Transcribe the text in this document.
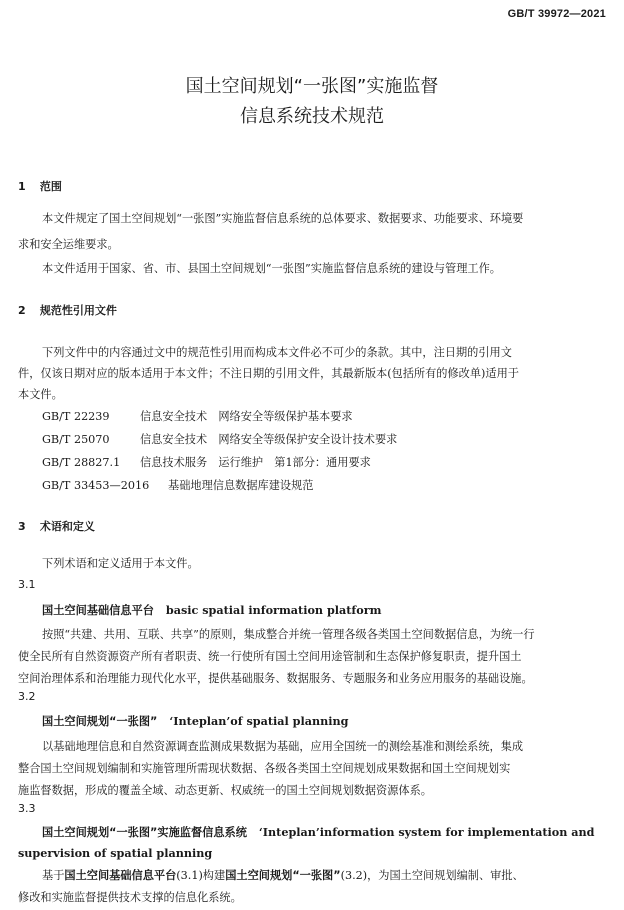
GB/T 39972—2021
国土空间规划“一张图”实施监督
信息系统技术规范
1 范围
本文件规定了国土空间规划“一张图”实施监督信息系统的总体要求、数据要求、功能要求、环境要
求和安全运维要求。
本文件适用于国家、省、市、县国土空间规划“一张图”实施监督信息系统的建设与管理工作。
2 规范性引用文件
下列文件中的内容通过文中的规范性引用而构成本文件必不可少的条款。其中，注日期的引用文
件，仅该日期对应的版本适用于本文件；不注日期的引用文件，其最新版本(包括所有的修改单)适用于
本文件。
GB/T 22239	信息安全技术　网络安全等级保护基本要求
GB/T 25070	信息安全技术　网络安全等级保护安全设计技术要求
GB/T 28827.1 信息技术服务　运行维护　第1部分：通用要求
GB/T 33453—2016 基础地理信息数据库建设规范
3 术语和定义
下列术语和定义适用于本文件。
3.1
国土空间基础信息平台 basic spatial information platform
按照“共建、共用、互联、共享”的原则，集成整合并统一管理各级各类国土空间数据信息，为统一行
使全民所有自然资源资产所有者职责、统一行使所有国土空间用途管制和生态保护修复职责，提升国土
空间治理体系和治理能力现代化水平，提供基础服务、数据服务、专题服务和业务应用服务的基础设施。
3.2
国土空间规划“一张图” ‘Inteplan’of spatial planning
以基础地理信息和自然资源调查监测成果数据为基础，应用全国统一的测绘基准和测绘系统，集成
整合国土空间规划编制和实施管理所需现状数据、各级各类国土空间规划成果数据和国土空间规划实
施监督数据，形成的覆盖全域、动态更新、权威统一的国土空间规划数据资源体系。
3.3
国土空间规划“一张图”实施监督信息系统 ‘Inteplan’information system for implementation and
supervision of spatial planning
基于国土空间基础信息平台(3.1)构建国土空间规划“一张图”(3.2)，为国土空间规划编制、审批、
修改和实施监督提供技术支撑的信息化系统。
